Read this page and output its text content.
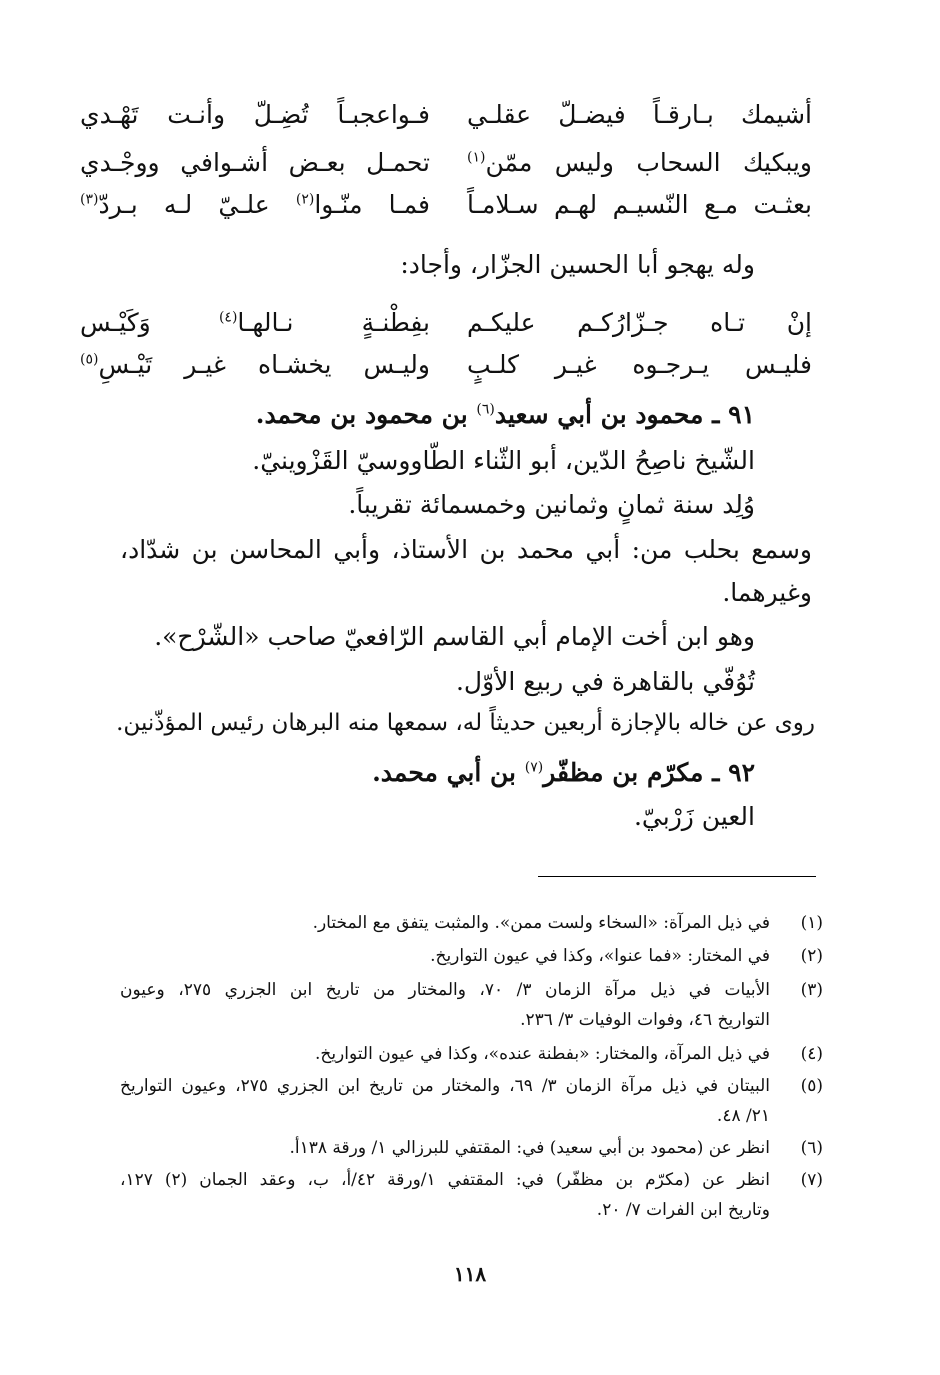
أشيمك بـارقـاً فيضـلّ عقلـي
فـواعجبـاً تُضِـلّ وأنـت تَهْـدي
ويبكيك السحاب وليس ممّن$^{(١)}$
تحمـل بعـض أشـوافي ووجْـدي
بعثـت مـع النّسيـم لهـم سـلامـاً
فمـا منّـوا$^{(٢)}$ علـيّ لـه بـردّ$^{(٣)}$
وله يهجو أبا الحسين الجزّار، وأجاد:
إنْ تـاه جـزّارُكـم عليكـم
بفِطْنـةٍ نـالهـا$^{(٤)}$ وَكَيْـس
فليـس يـرجـوه غيـر كلـبٍ
وليـس يخشـاه غيـر تَيْـسِ$^{(٥)}$
٩١ ـ محمود بن أبي سعيد$^{(٦)}$ بن محمود بن محمد.
الشّيخ ناصِحُ الدّين، أبو الثّناء الطّاووسيّ القَزْوينيّ.
وُلِد سنة ثمانٍ وثمانين وخمسمائة تقريباً.
وسمع بحلب من: أبي محمد بن الأستاذ، وأبي المحاسن بن شدّاد،
وغيرهما.
وهو ابن أخت الإمام أبي القاسم الرّافعيّ صاحب «الشّرْح».
تُوُفّي بالقاهرة في ربيع الأوّل.
روى عن خاله بالإجازة أربعين حديثاً له، سمعها منه البرهان رئيس المؤذّنين.
٩٢ ـ مكرّم بن مظفّر$^{(٧)}$ بن أبي محمد.
العين زَرْبيّ.
(١)
في ذيل المرآة: «السخاء ولست ممن». والمثبت يتفق مع المختار.
(٢)
في المختار: «فما عنوا»، وكذا في عيون التواريخ.
(٣)
الأبيات في ذيل مرآة الزمان ٣/ ٧٠، والمختار من تاريخ ابن الجزري ٢٧٥، وعيون
التواريخ ٤٦، وفوات الوفيات ٣/ ٢٣٦.
(٤)
في ذيل المرآة، والمختار: «بفطنة عنده»، وكذا في عيون التواريخ.
(٥)
البيتان في ذيل مرآة الزمان ٣/ ٦٩، والمختار من تاريخ ابن الجزري ٢٧٥، وعيون التواريخ
٢١/ ٤٨.
(٦)
انظر عن (محمود بن أبي سعيد) في: المقتفي للبرزالي ١/ ورقة ١٣٨أ.
(٧)
انظر عن (مكرّم بن مظفّر) في: المقتفي ١/ورقة ٤٢/أ، ب، وعقد الجمان (٢) ١٢٧،
وتاريخ ابن الفرات ٧/ ٢٠.
١١٨
